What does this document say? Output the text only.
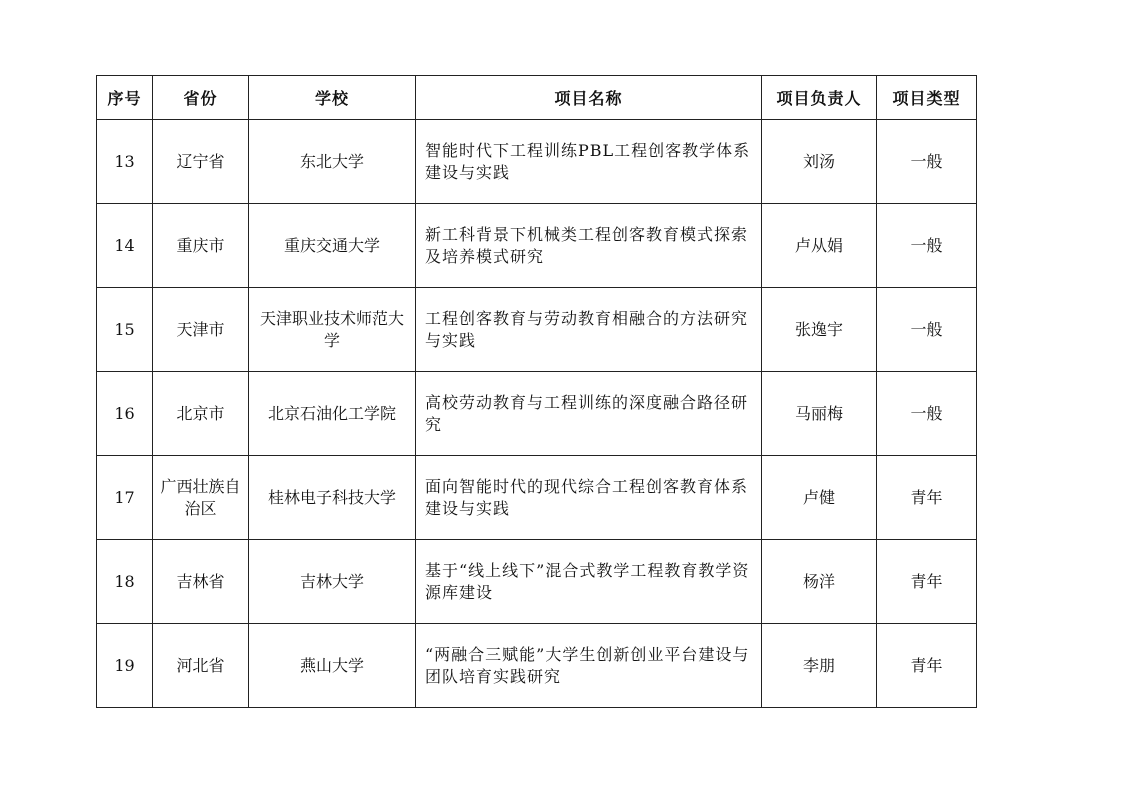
序号	省份	学校	项目名称	项目负责人	项目类型
13	辽宁省	东北大学	智能时代下工程训练PBL工程创客教学体系建设与实践	刘汤	一般
14	重庆市	重庆交通大学	新工科背景下机械类工程创客教育模式探索及培养模式研究	卢从娟	一般
15	天津市	天津职业技术师范大学	工程创客教育与劳动教育相融合的方法研究与实践	张逸宇	一般
16	北京市	北京石油化工学院	高校劳动教育与工程训练的深度融合路径研究	马丽梅	一般
17	广西壮族自治区	桂林电子科技大学	面向智能时代的现代综合工程创客教育体系建设与实践	卢健	青年
18	吉林省	吉林大学	基于“线上线下”混合式教学工程教育教学资源库建设	杨洋	青年
19	河北省	燕山大学	“两融合三赋能”大学生创新创业平台建设与团队培育实践研究	李朋	青年
